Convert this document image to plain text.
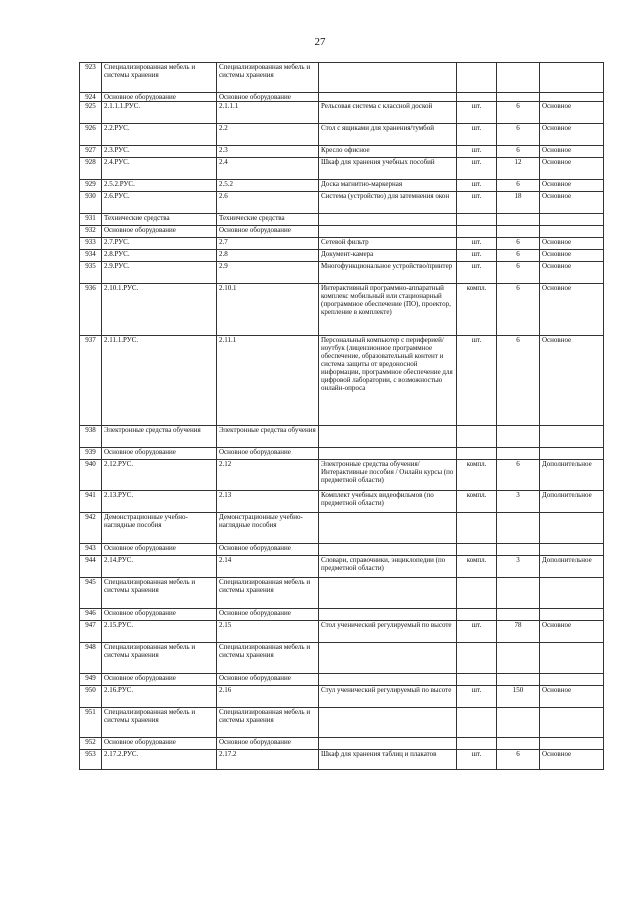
27
923	Специализированная мебель и системы хранения	Специализированная мебель и системы хранения				
924	Основное оборудование	Основное оборудование				
925	2.1.1.1.РУС.	2.1.1.1	Рельсовая система с классной доской	шт.	6	Основное
926	2.2.РУС.	2.2	Стол с ящиками для хранения/тумбой	шт.	6	Основное
927	2.3.РУС.	2.3	Кресло офисное	шт.	6	Основное
928	2.4.РУС.	2.4	Шкаф для хранения учебных пособий	шт.	12	Основное
929	2.5.2.РУС.	2.5.2	Доска магнитно-маркерная	шт.	6	Основное
930	2.6.РУС.	2.6	Система (устройство) для затемнения окон	шт.	18	Основное
931	Технические средства	Технические средства				
932	Основное оборудование	Основное оборудование				
933	2.7.РУС.	2.7	Сетевой фильтр	шт.	6	Основное
934	2.8.РУС.	2.8	Документ-камера	шт.	6	Основное
935	2.9.РУС.	2.9	Многофункциональное устройство/принтер	шт.	6	Основное
936	2.10.1.РУС.	2.10.1	Интерактивный программно-аппаратный комплекс мобильный или стационарный (программное обеспечение (ПО), проектор, крепление в комплекте)	компл.	6	Основное
937	2.11.1.РУС.	2.11.1	Персональный компьютер с периферией/ноутбук (лицензионное программное обеспечение, образовательный контент и система защиты от вредоносной информации, программное обеспечение для цифровой лаборатории, с возможностью онлайн-опроса	шт.	6	Основное
938	Электронные средства обучения	Электронные средства обучения				
939	Основное оборудование	Основное оборудование				
940	2.12.РУС.	2.12	Электронные средства обучения/Интерактивные пособия / Онлайн курсы (по предметной области)	компл.	6	Дополнительное
941	2.13.РУС.	2.13	Комплект учебных видеофильмов (по предметной области)	компл.	3	Дополнительное
942	Демонстрационные учебно-наглядные пособия	Демонстрационные учебно-наглядные пособия				
943	Основное оборудование	Основное оборудование				
944	2.14.РУС.	2.14	Словари, справочники, энциклопедии (по предметной области)	компл.	3	Дополнительное
945	Специализированная мебель и системы хранения	Специализированная мебель и системы хранения				
946	Основное оборудование	Основное оборудование				
947	2.15.РУС.	2.15	Стол ученический регулируемый по высоте	шт.	78	Основное
948	Специализированная мебель и системы хранения	Специализированная мебель и системы хранения				
949	Основное оборудование	Основное оборудование				
950	2.16.РУС.	2.16	Стул ученический регулируемый по высоте	шт.	150	Основное
951	Специализированная мебель и системы хранения	Специализированная мебель и системы хранения				
952	Основное оборудование	Основное оборудование				
953	2.17.2.РУС.	2.17.2	Шкаф для хранения таблиц и плакатов	шт.	6	Основное
